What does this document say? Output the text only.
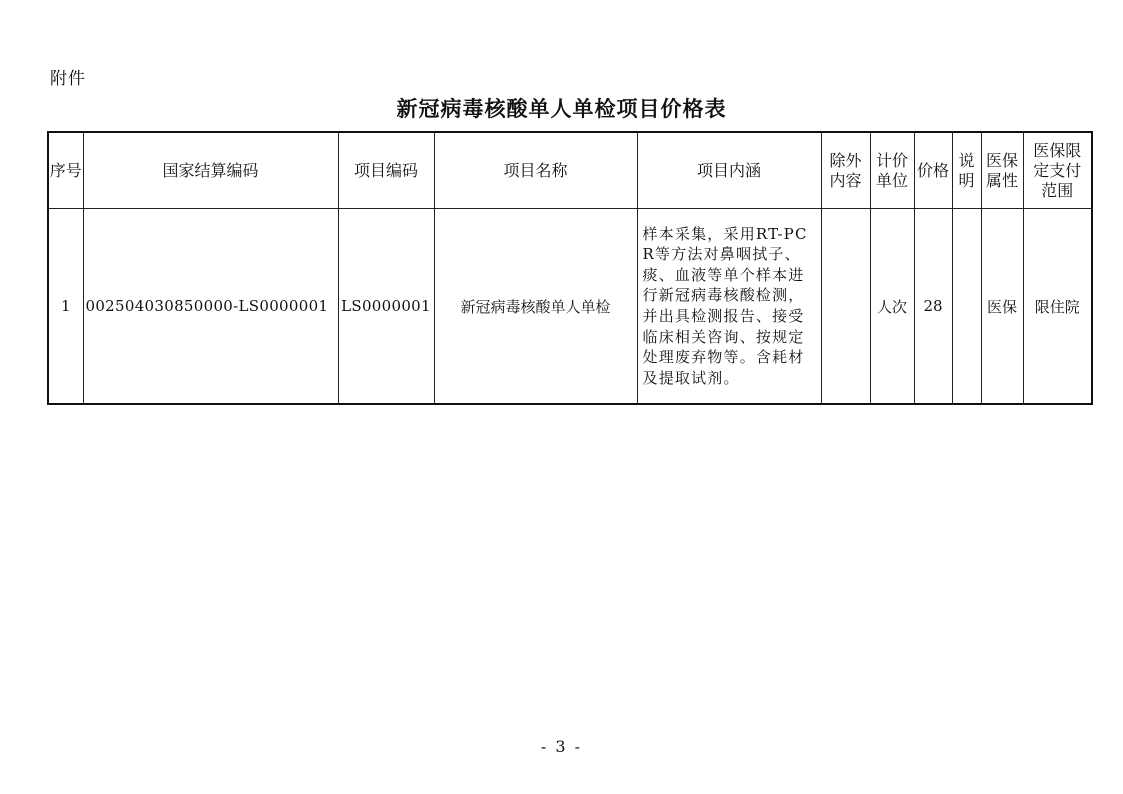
附件
新冠病毒核酸单人单检项目价格表
序号	国家结算编码	项目编码	项目名称	项目内涵	除外内容	计价单位	价格	说明	医保属性	医保限定支付范围
1	002504030850000-LS0000001	LS0000001	新冠病毒核酸单人单检	样本采集，采用RT-PCR等方法对鼻咽拭子、痰、血液等单个样本进行新冠病毒核酸检测，并出具检测报告、接受临床相关咨询、按规定处理废弃物等。含耗材及提取试剂。		人次	28		医保	限住院
- 3 -
